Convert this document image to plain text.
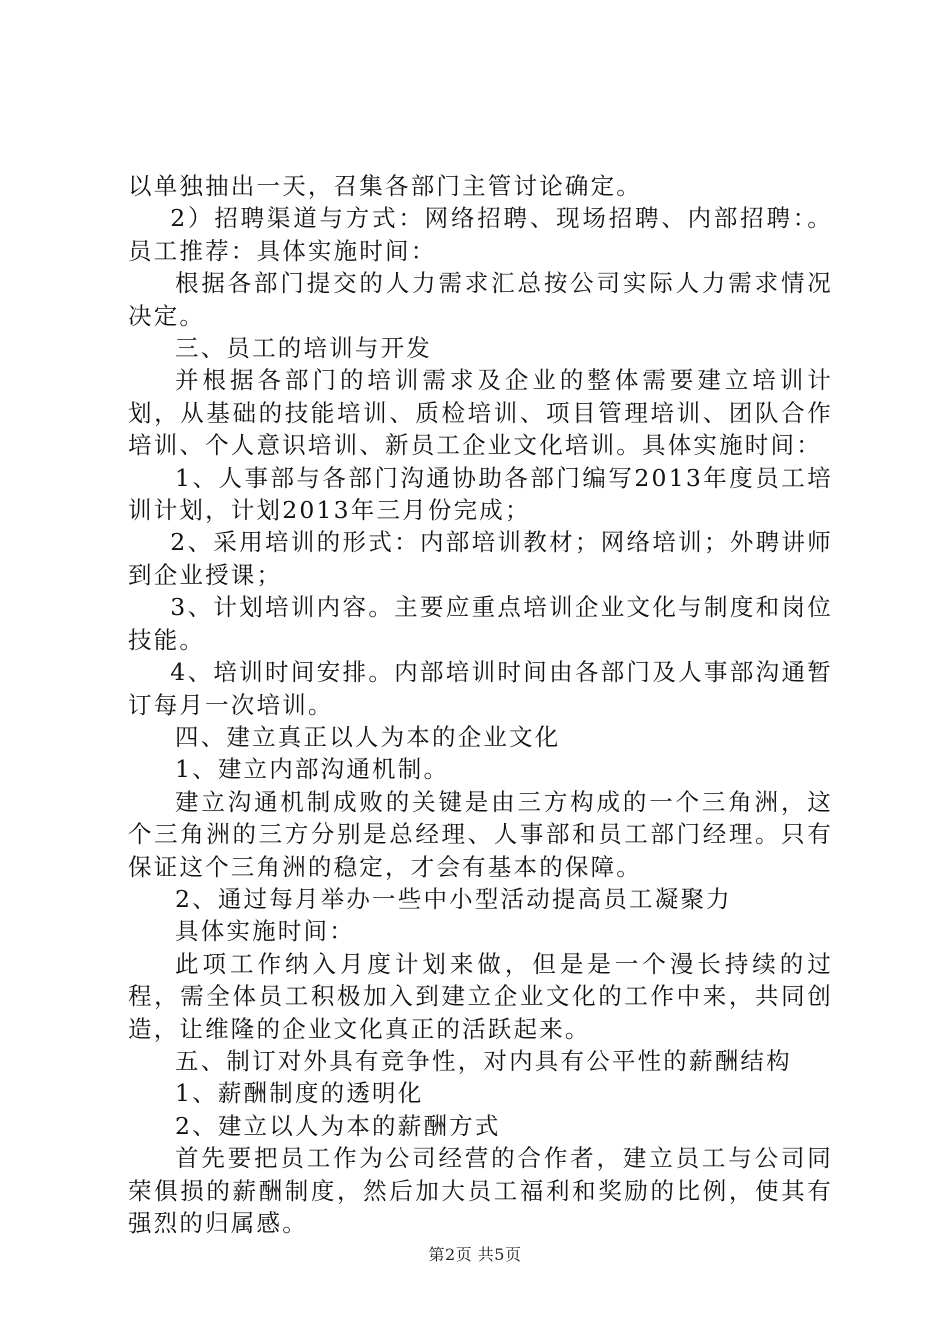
以单独抽出一天，召集各部门主管讨论确定。

2）招聘渠道与方式：网络招聘、现场招聘、内部招聘：。员工推荐：具体实施时间：

根据各部门提交的人力需求汇总按公司实际人力需求情况决定。

三、员工的培训与开发

并根据各部门的培训需求及企业的整体需要建立培训计划，从基础的技能培训、质检培训、项目管理培训、团队合作培训、个人意识培训、新员工企业文化培训。具体实施时间：

1、人事部与各部门沟通协助各部门编写2013年度员工培训计划，计划2013年三月份完成；

2、采用培训的形式：内部培训教材；网络培训；外聘讲师到企业授课；

3、计划培训内容。主要应重点培训企业文化与制度和岗位技能。

4、培训时间安排。内部培训时间由各部门及人事部沟通暂订每月一次培训。

四、建立真正以人为本的企业文化

1、建立内部沟通机制。

建立沟通机制成败的关键是由三方构成的一个三角洲，这个三角洲的三方分别是总经理、人事部和员工部门经理。只有保证这个三角洲的稳定，才会有基本的保障。

2、通过每月举办一些中小型活动提高员工凝聚力

具体实施时间：

此项工作纳入月度计划来做，但是是一个漫长持续的过程，需全体员工积极加入到建立企业文化的工作中来，共同创造，让维隆的企业文化真正的活跃起来。

五、制订对外具有竞争性，对内具有公平性的薪酬结构

1、薪酬制度的透明化

2、建立以人为本的薪酬方式

首先要把员工作为公司经营的合作者，建立员工与公司同荣俱损的薪酬制度，然后加大员工福利和奖励的比例，使其有强烈的归属感。

第2页 共5页
